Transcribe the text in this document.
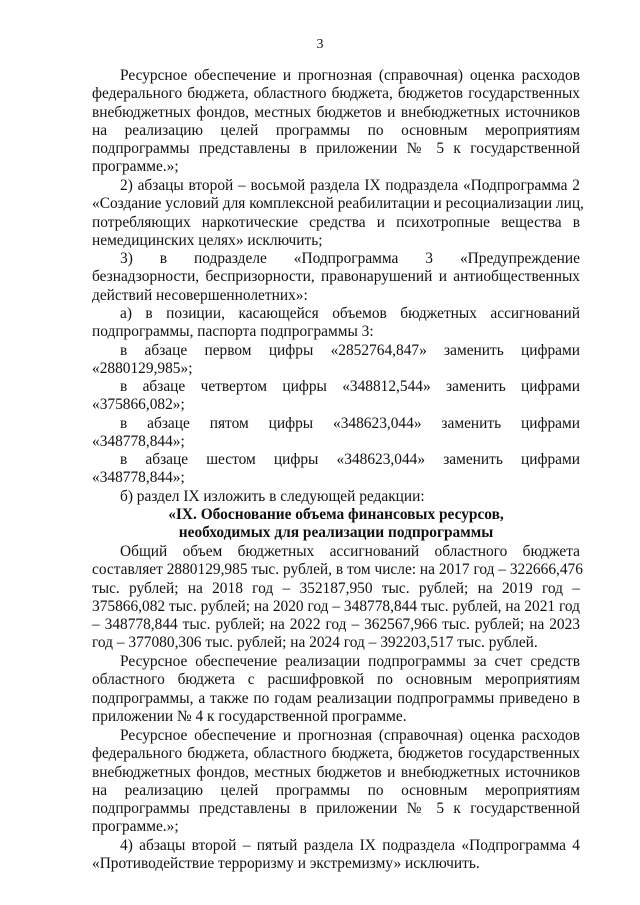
3
Ресурсное обеспечение и прогнозная (справочная) оценка расходов
федерального бюджета, областного бюджета, бюджетов государственных
внебюджетных фондов, местных бюджетов и внебюджетных источников
на реализацию целей программы по основным мероприятиям
подпрограммы представлены в приложении № 5 к государственной
программе.»;
2) абзацы второй – восьмой раздела IX подраздела «Подпрограмма 2
«Создание условий для комплексной реабилитации и ресоциализации лиц,
потребляющих наркотические средства и психотропные вещества в
немедицинских целях» исключить;
3) в подразделе «Подпрограмма 3 «Предупреждение
безнадзорности, беспризорности, правонарушений и антиобщественных
действий несовершеннолетних»:
а) в позиции, касающейся объемов бюджетных ассигнований
подпрограммы, паспорта подпрограммы 3:
в абзаце первом цифры «2852764,847» заменить цифрами
«2880129,985»;
в абзаце четвертом цифры «348812,544» заменить цифрами
«375866,082»;
в абзаце пятом цифры «348623,044» заменить цифрами
«348778,844»;
в абзаце шестом цифры «348623,044» заменить цифрами
«348778,844»;
б) раздел IX изложить в следующей редакции:
«IX. Обоснование объема финансовых ресурсов,
необходимых для реализации подпрограммы
Общий объем бюджетных ассигнований областного бюджета
составляет 2880129,985 тыс. рублей, в том числе: на 2017 год – 322666,476
тыс. рублей; на 2018 год – 352187,950 тыс. рублей; на 2019 год –
375866,082 тыс. рублей; на 2020 год – 348778,844 тыс. рублей, на 2021 год
– 348778,844 тыс. рублей; на 2022 год – 362567,966 тыс. рублей; на 2023
год – 377080,306 тыс. рублей; на 2024 год – 392203,517 тыс. рублей.
Ресурсное обеспечение реализации подпрограммы за счет средств
областного бюджета с расшифровкой по основным мероприятиям
подпрограммы, а также по годам реализации подпрограммы приведено в
приложении № 4 к государственной программе.
Ресурсное обеспечение и прогнозная (справочная) оценка расходов
федерального бюджета, областного бюджета, бюджетов государственных
внебюджетных фондов, местных бюджетов и внебюджетных источников
на реализацию целей программы по основным мероприятиям
подпрограммы представлены в приложении № 5 к государственной
программе.»;
4) абзацы второй – пятый раздела IX подраздела «Подпрограмма 4
«Противодействие терроризму и экстремизму» исключить.
